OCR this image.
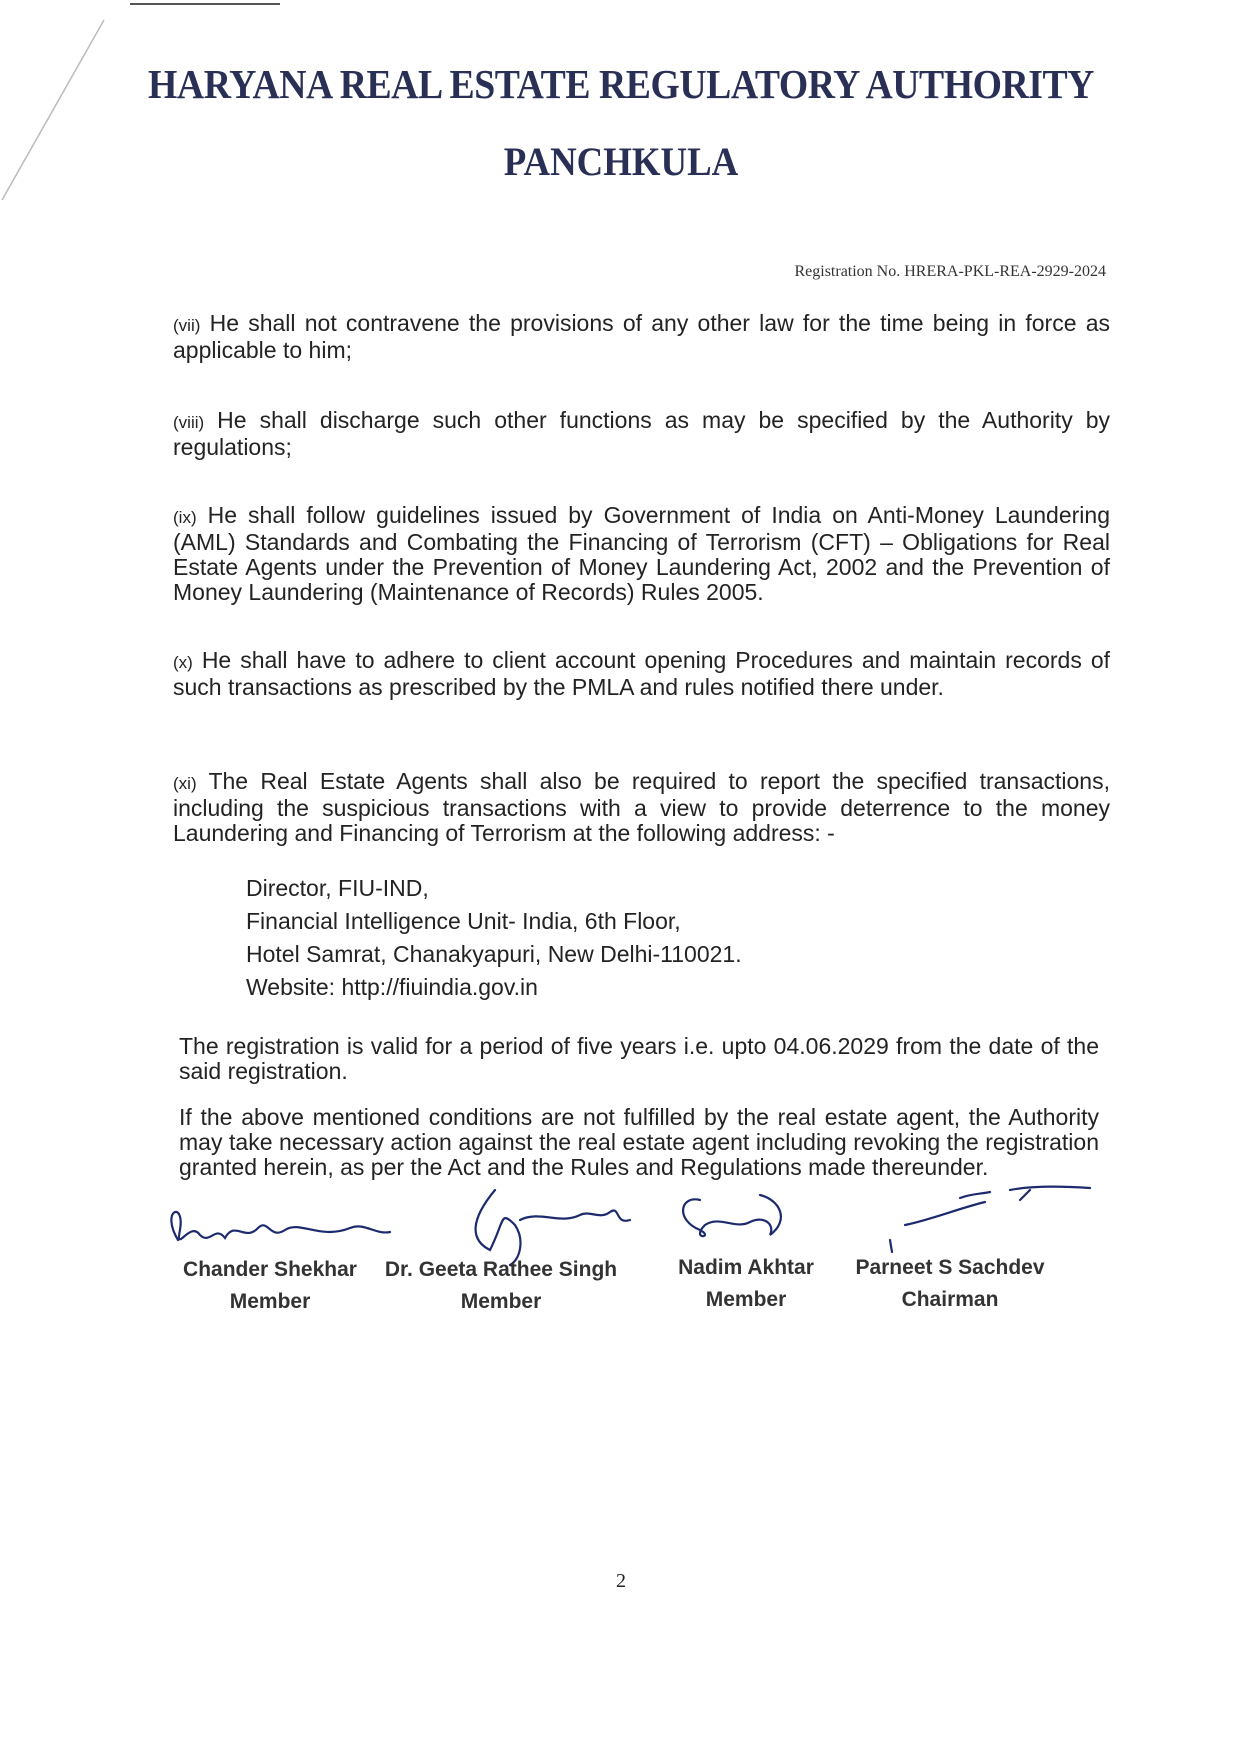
HARYANA REAL ESTATE REGULATORY AUTHORITY
PANCHKULA
Registration No. HRERA-PKL-REA-2929-2024

(vii) He shall not contravene the provisions of any other law for the time being in force as applicable to him;

(viii) He shall discharge such other functions as may be specified by the Authority by regulations;

(ix) He shall follow guidelines issued by Government of India on Anti-Money Laundering (AML) Standards and Combating the Financing of Terrorism (CFT) – Obligations for Real Estate Agents under the Prevention of Money Laundering Act, 2002 and the Prevention of Money Laundering (Maintenance of Records) Rules 2005.

(x) He shall have to adhere to client account opening Procedures and maintain records of such transactions as prescribed by the PMLA and rules notified there under.

(xi) The Real Estate Agents shall also be required to report the specified transactions, including the suspicious transactions with a view to provide deterrence to the money Laundering and Financing of Terrorism at the following address: -

Director, FIU-IND,
Financial Intelligence Unit- India, 6th Floor,
Hotel Samrat, Chanakyapuri, New Delhi-110021.
Website: http://fiuindia.gov.in

The registration is valid for a period of five years i.e. upto 04.06.2029 from the date of the said registration.

If the above mentioned conditions are not fulfilled by the real estate agent, the Authority may take necessary action against the real estate agent including revoking the registration granted herein, as per the Act and the Rules and Regulations made thereunder.

Chander Shekhar
Member
Dr. Geeta Rathee Singh
Member
Nadim Akhtar
Member
Parneet S Sachdev
Chairman
2
